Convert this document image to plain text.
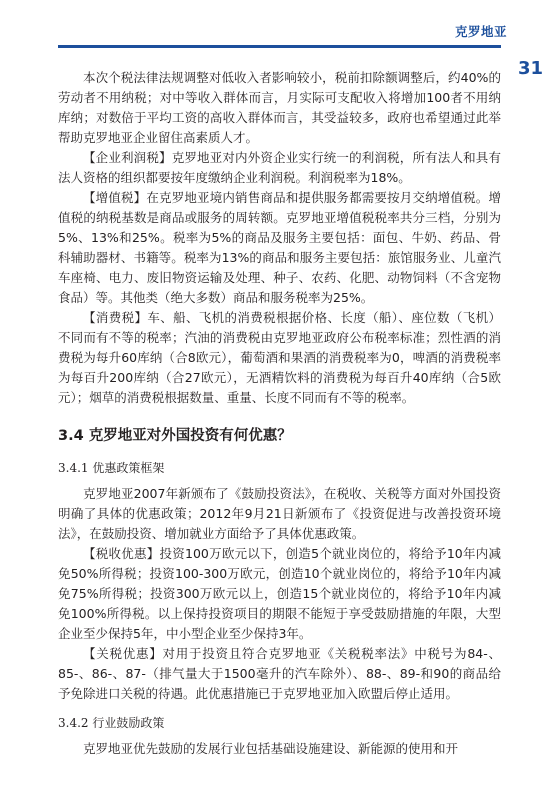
克罗地亚
31

本次个税法律法规调整对低收入者影响较小，税前扣除额调整后，约40%的劳动者不用纳税；对中等收入群体而言，月实际可支配收入将增加100者不用纳库纳；对数倍于平均工资的高收入群体而言，其受益较多，政府也希望通过此举帮助克罗地亚企业留住高素质人才。

【企业利润税】克罗地亚对内外资企业实行统一的利润税，所有法人和具有法人资格的组织都要按年度缴纳企业利润税。利润税率为18%。

【增值税】在克罗地亚境内销售商品和提供服务都需要按月交纳增值税。增值税的纳税基数是商品或服务的周转额。克罗地亚增值税税率共分三档，分别为5%、13%和25%。税率为5%的商品及服务主要包括：面包、牛奶、药品、骨科辅助器材、书籍等。税率为13%的商品和服务主要包括：旅馆服务业、儿童汽车座椅、电力、废旧物资运输及处理、种子、农药、化肥、动物饲料（不含宠物食品）等。其他类（绝大多数）商品和服务税率为25%。

【消费税】车、船、飞机的消费税根据价格、长度（船）、座位数（飞机）不同而有不等的税率；汽油的消费税由克罗地亚政府公布税率标准；烈性酒的消费税为每升60库纳（合8欧元），葡萄酒和果酒的消费税率为0，啤酒的消费税率为每百升200库纳（合27欧元），无酒精饮料的消费税为每百升40库纳（合5欧元）；烟草的消费税根据数量、重量、长度不同而有不等的税率。

3.4 克罗地亚对外国投资有何优惠？
3.4.1 优惠政策框架

克罗地亚2007年新颁布了《鼓励投资法》，在税收、关税等方面对外国投资明确了具体的优惠政策；2012年9月21日新颁布了《投资促进与改善投资环境法》，在鼓励投资、增加就业方面给予了具体优惠政策。

【税收优惠】投资100万欧元以下，创造5个就业岗位的，将给予10年内减免50%所得税；投资100-300万欧元，创造10个就业岗位的，将给予10年内减免75%所得税；投资300万欧元以上，创造15个就业岗位的，将给予10年内减免100%所得税。以上保持投资项目的期限不能短于享受鼓励措施的年限，大型企业至少保持5年，中小型企业至少保持3年。

【关税优惠】对用于投资且符合克罗地亚《关税税率法》中税号为84-、85-、86-、87-（排气量大于1500毫升的汽车除外）、88-、89-和90的商品给予免除进口关税的待遇。此优惠措施已于克罗地亚加入欧盟后停止适用。

3.4.2 行业鼓励政策

克罗地亚优先鼓励的发展行业包括基础设施建设、新能源的使用和开
